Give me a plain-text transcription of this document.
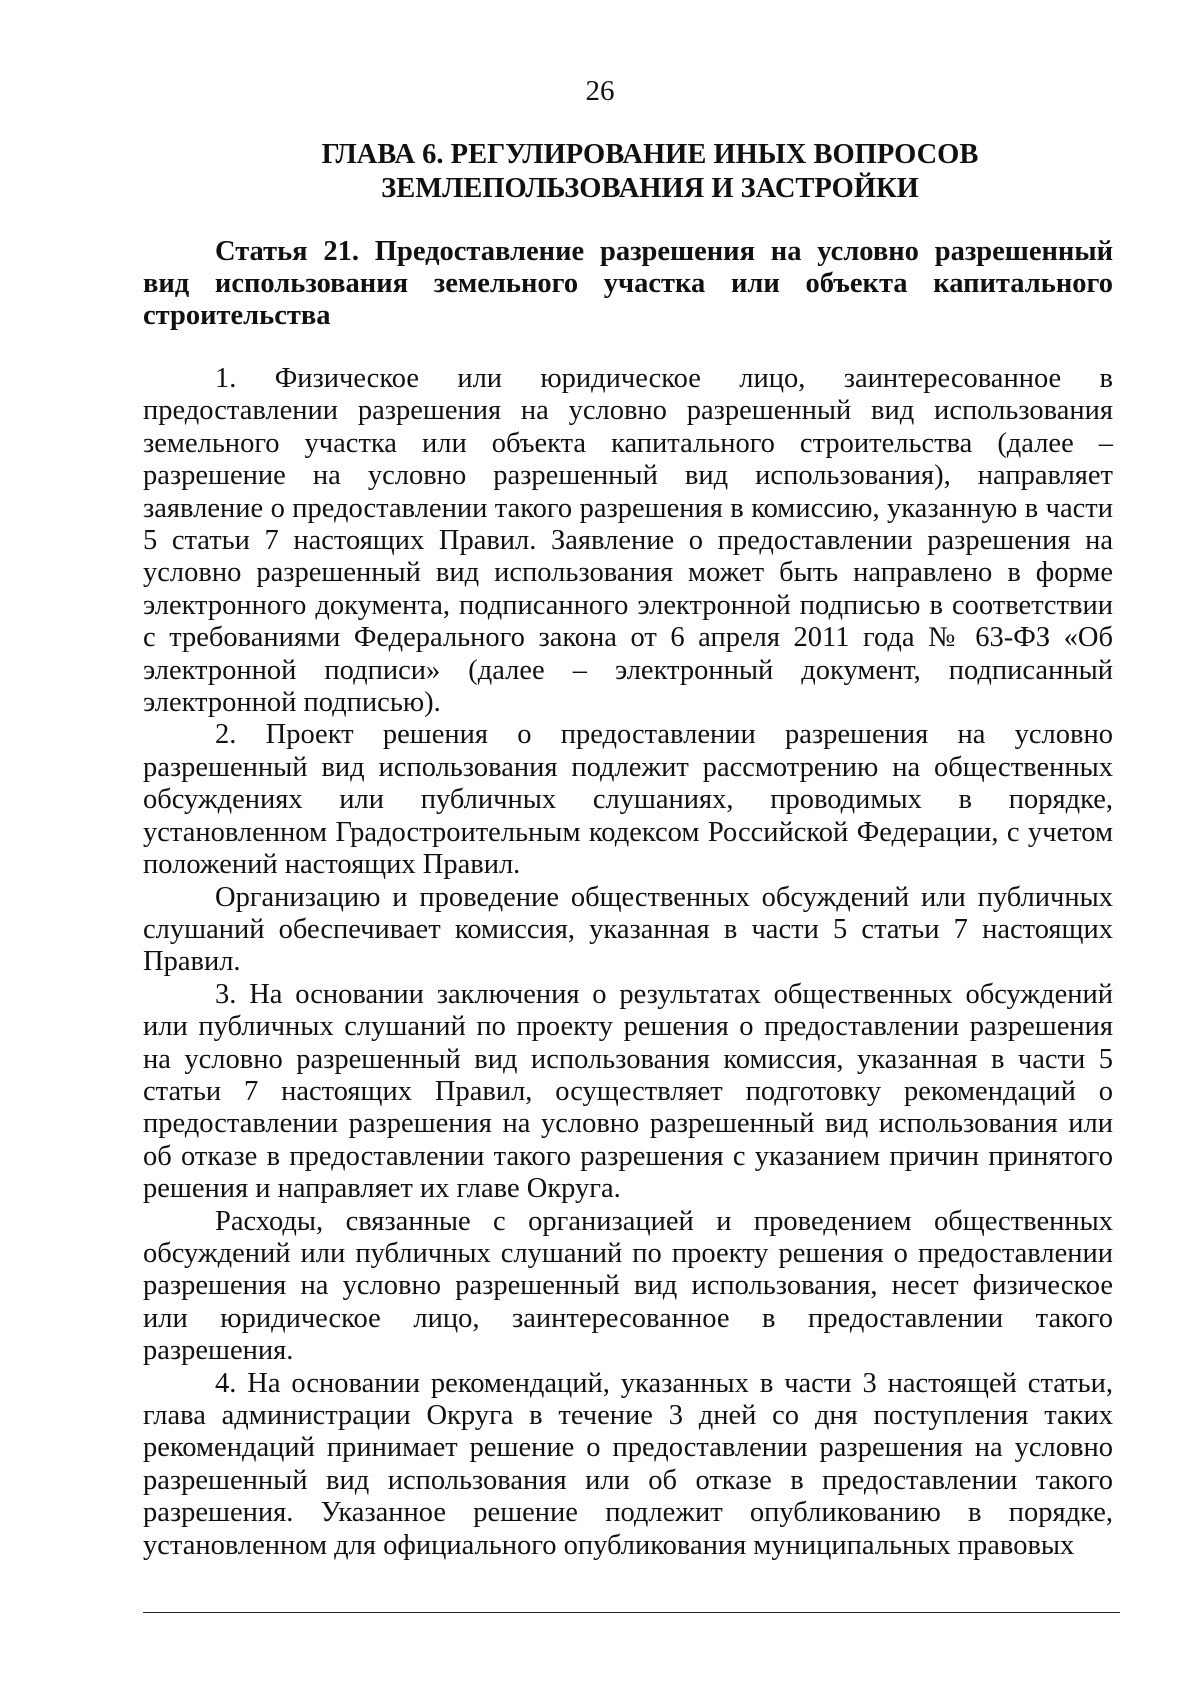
26
ГЛАВА 6. РЕГУЛИРОВАНИЕ ИНЫХ ВОПРОСОВ
ЗЕМЛЕПОЛЬЗОВАНИЯ И ЗАСТРОЙКИ
Статья 21. Предоставление разрешения на условно разрешенный вид использования земельного участка или объекта капитального строительства

1. Физическое или юридическое лицо, заинтересованное в предоставлении разрешения на условно разрешенный вид использования земельного участка или объекта капитального строительства (далее – разрешение на условно разрешенный вид использования), направляет заявление о предоставлении такого разрешения в комиссию, указанную в части 5 статьи 7 настоящих Правил. Заявление о предоставлении разрешения на условно разрешенный вид использования может быть направлено в форме электронного документа, подписанного электронной подписью в соответствии с требованиями Федерального закона от 6 апреля 2011 года № 63-ФЗ «Об электронной подписи» (далее – электронный документ, подписанный электронной подписью).

2. Проект решения о предоставлении разрешения на условно разрешенный вид использования подлежит рассмотрению на общественных обсуждениях или публичных слушаниях, проводимых в порядке, установленном Градостроительным кодексом Российской Федерации, с учетом положений настоящих Правил.

Организацию и проведение общественных обсуждений или публичных слушаний обеспечивает комиссия, указанная в части 5 статьи 7 настоящих Правил.

3. На основании заключения о результатах общественных обсуждений или публичных слушаний по проекту решения о предоставлении разрешения на условно разрешенный вид использования комиссия, указанная в части 5 статьи 7 настоящих Правил, осуществляет подготовку рекомендаций о предоставлении разрешения на условно разрешенный вид использования или об отказе в предоставлении такого разрешения с указанием причин принятого решения и направляет их главе Округа.

Расходы, связанные с организацией и проведением общественных обсуждений или публичных слушаний по проекту решения о предоставлении разрешения на условно разрешенный вид использования, несет физическое или юридическое лицо, заинтересованное в предоставлении такого разрешения.

4. На основании рекомендаций, указанных в части 3 настоящей статьи, глава администрации Округа в течение 3 дней со дня поступления таких рекомендаций принимает решение о предоставлении разрешения на условно разрешенный вид использования или об отказе в предоставлении такого разрешения. Указанное решение подлежит опубликованию в порядке, установленном для официального опубликования муниципальных правовых
